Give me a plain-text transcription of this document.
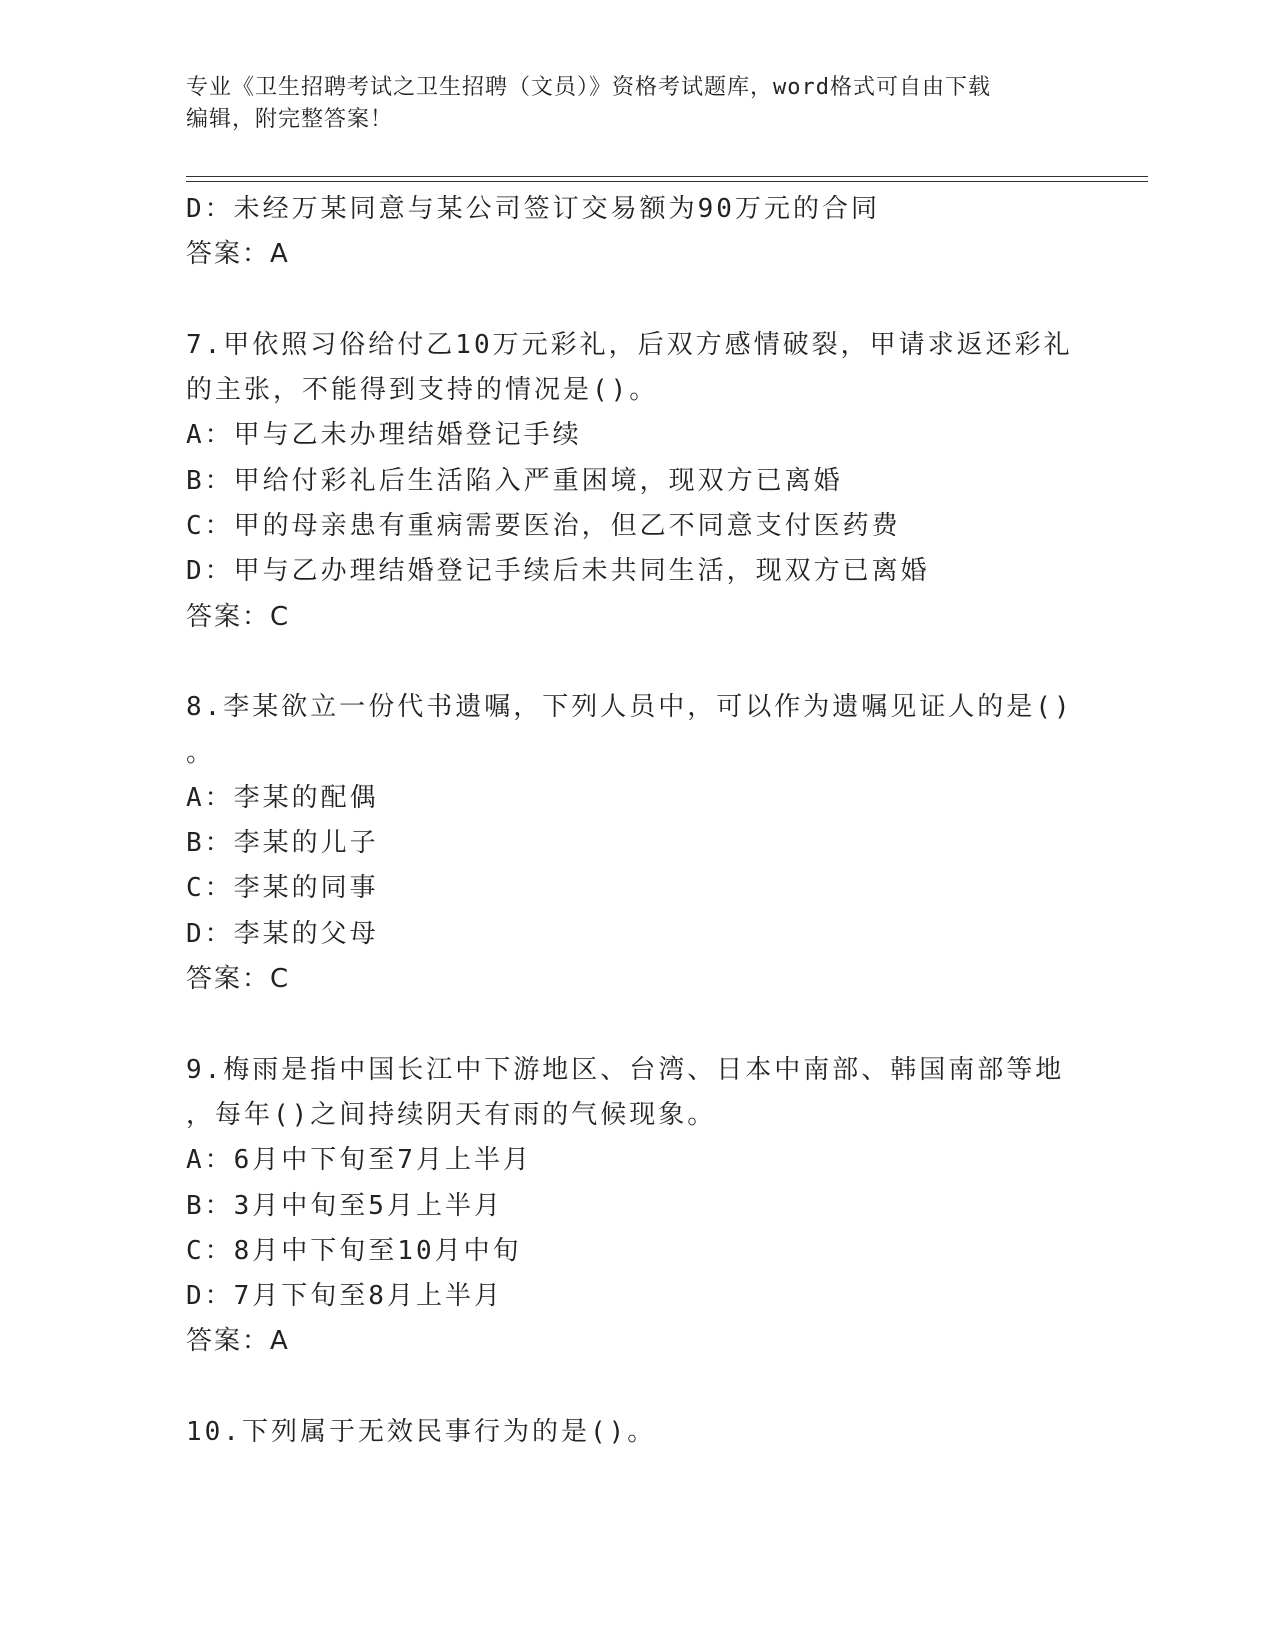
专业《卫生招聘考试之卫生招聘（文员）》资格考试题库，word格式可自由下载
编辑，附完整答案！
D：未经万某同意与某公司签订交易额为90万元的合同
答案：A
7.甲依照习俗给付乙10万元彩礼，后双方感情破裂，甲请求返还彩礼
的主张，不能得到支持的情况是()。
A：甲与乙未办理结婚登记手续
B：甲给付彩礼后生活陷入严重困境，现双方已离婚
C：甲的母亲患有重病需要医治，但乙不同意支付医药费
D：甲与乙办理结婚登记手续后未共同生活，现双方已离婚
答案：C
8.李某欲立一份代书遗嘱，下列人员中，可以作为遗嘱见证人的是()
。
A：李某的配偶
B：李某的儿子
C：李某的同事
D：李某的父母
答案：C
9.梅雨是指中国长江中下游地区、台湾、日本中南部、韩国南部等地
，每年()之间持续阴天有雨的气候现象。
A：6月中下旬至7月上半月
B：3月中旬至5月上半月
C：8月中下旬至10月中旬
D：7月下旬至8月上半月
答案：A
10.下列属于无效民事行为的是()。
